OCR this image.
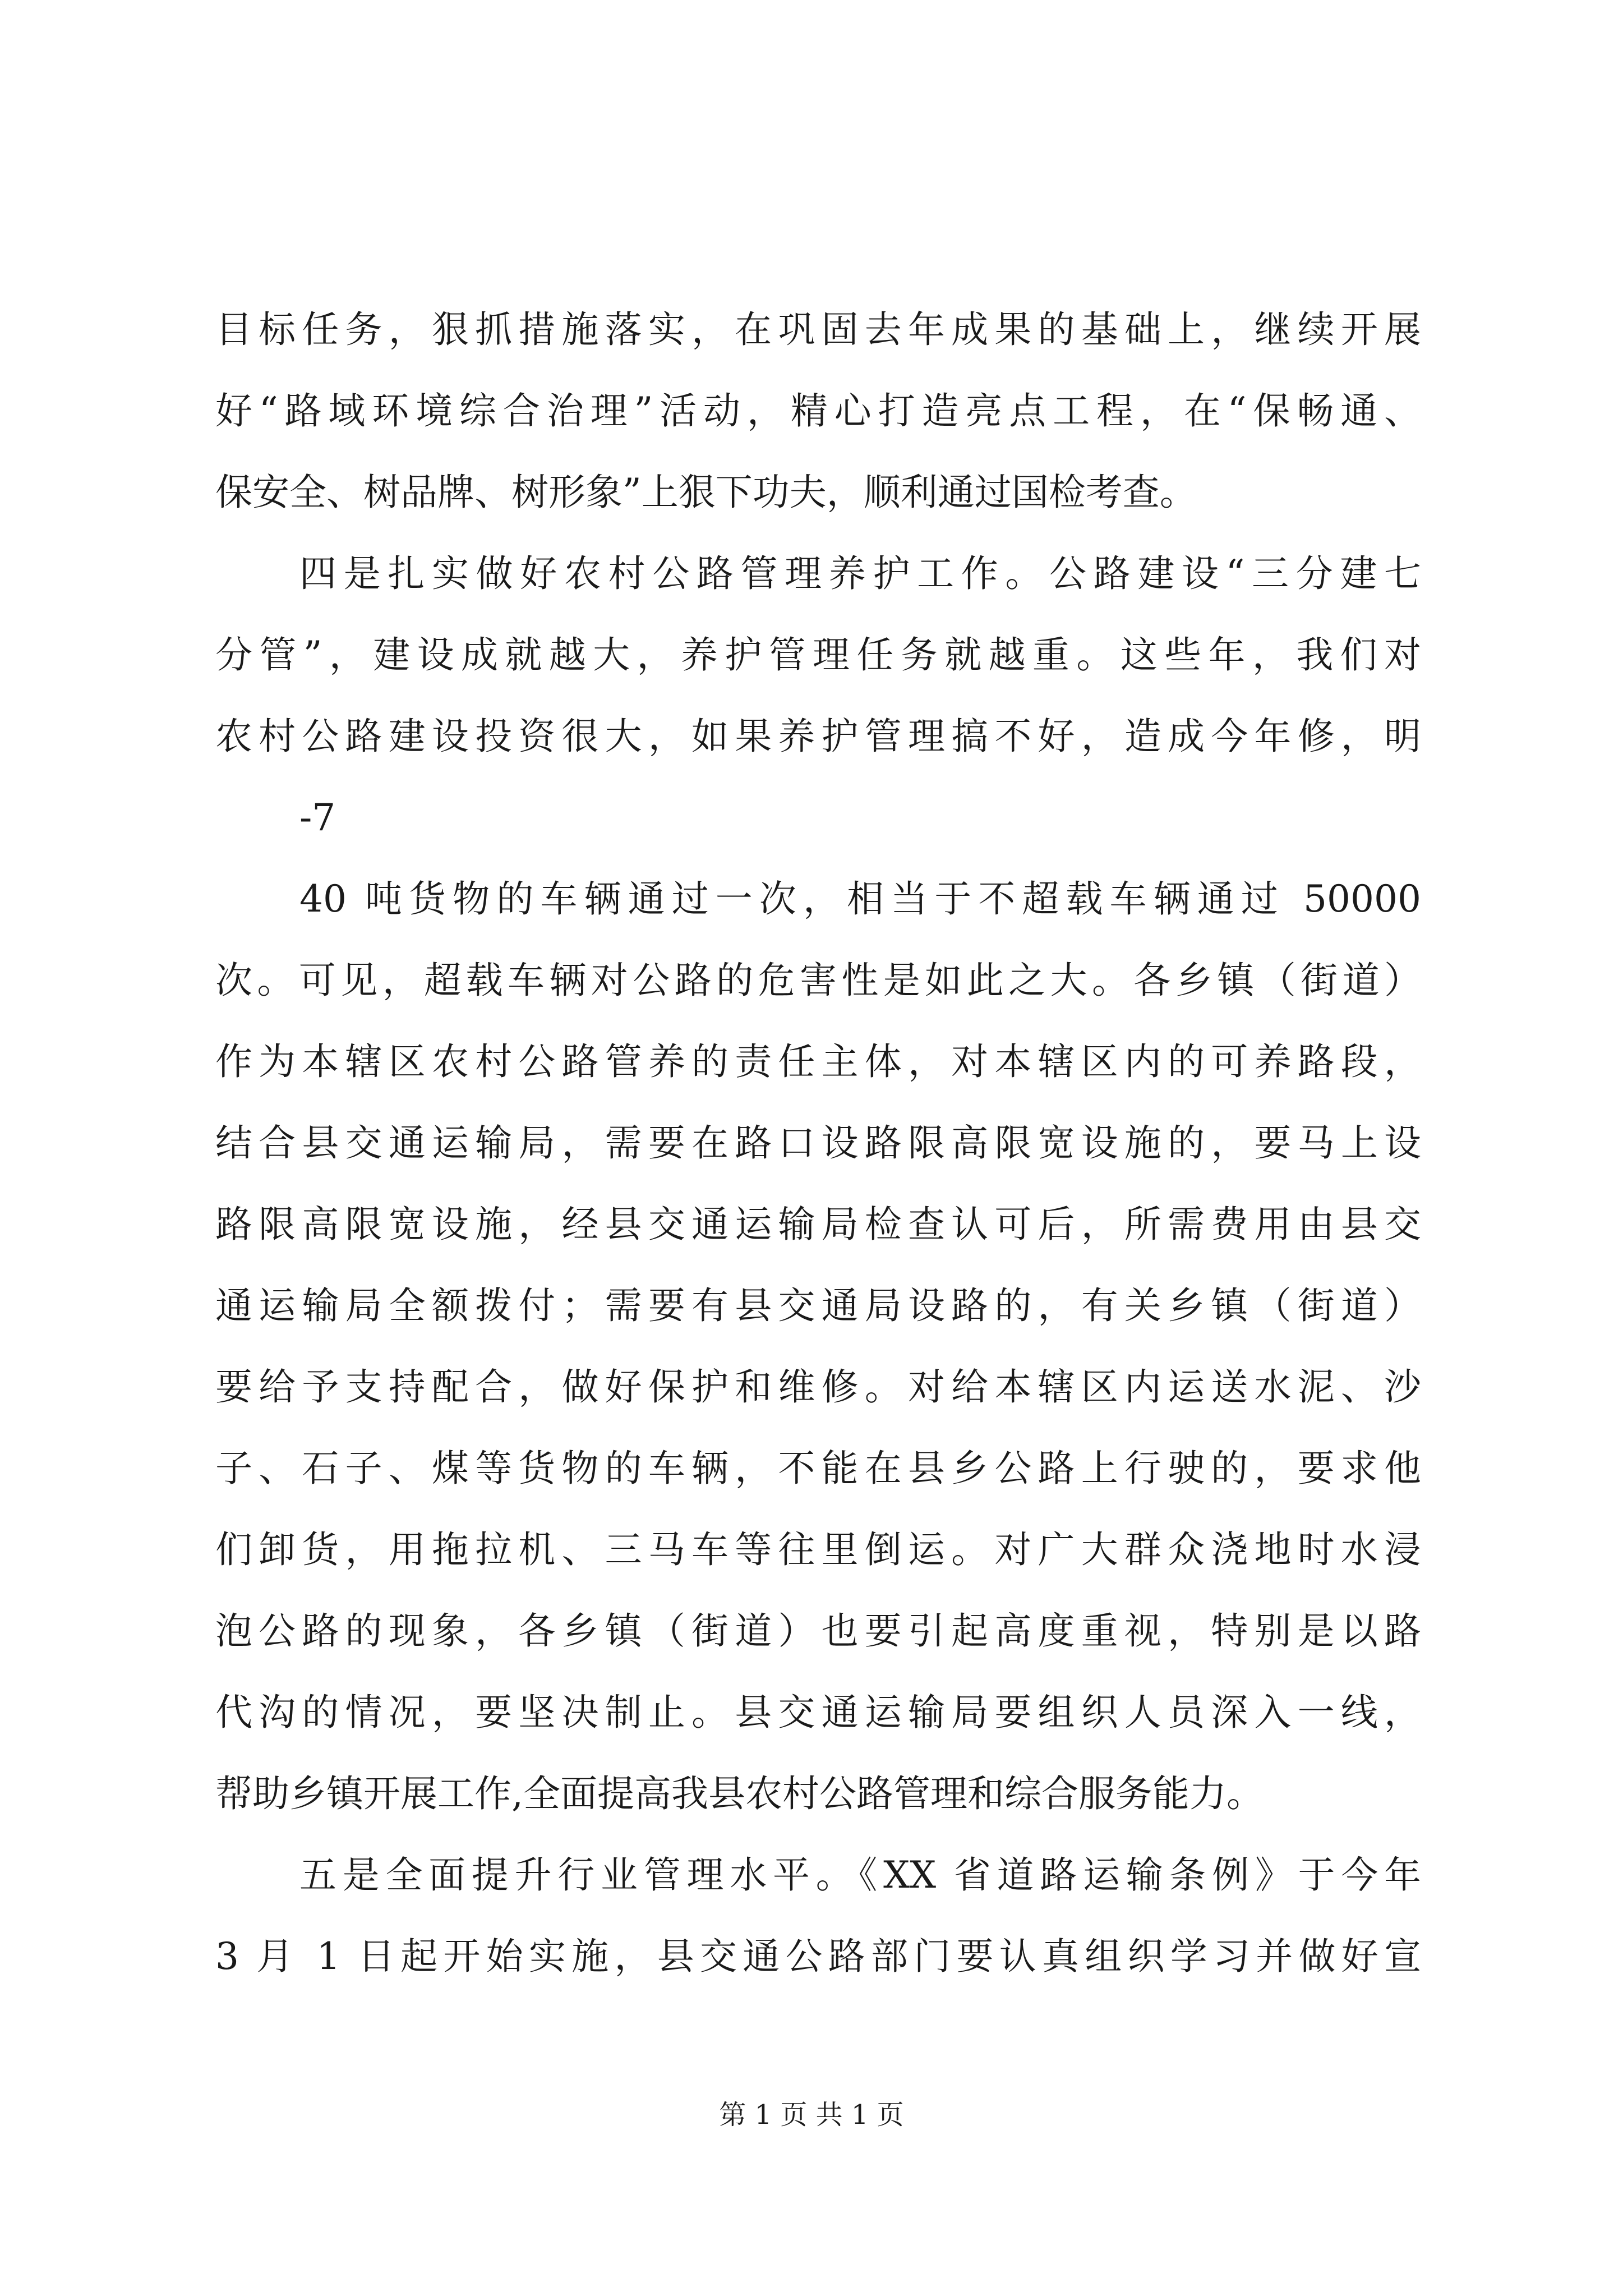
目标任务，狠抓措施落实，在巩固去年成果的基础上，继续开展
好“路域环境综合治理”活动，精心打造亮点工程，在“保畅通、
保安全、树品牌、树形象”上狠下功夫，顺利通过国检考查。
四是扎实做好农村公路管理养护工作。公路建设“三分建七
分管”，建设成就越大，养护管理任务就越重。这些年，我们对
农村公路建设投资很大，如果养护管理搞不好，造成今年修，明
-7
40 吨货物的车辆通过一次，相当于不超载车辆通过 50000
次。可见，超载车辆对公路的危害性是如此之大。各乡镇（街道）
作为本辖区农村公路管养的责任主体，对本辖区内的可养路段，
结合县交通运输局，需要在路口设路限高限宽设施的，要马上设
路限高限宽设施，经县交通运输局检查认可后，所需费用由县交
通运输局全额拨付；需要有县交通局设路的，有关乡镇（街道）
要给予支持配合，做好保护和维修。对给本辖区内运送水泥、沙
子、石子、煤等货物的车辆，不能在县乡公路上行驶的，要求他
们卸货，用拖拉机、三马车等往里倒运。对广大群众浇地时水浸
泡公路的现象，各乡镇（街道）也要引起高度重视，特别是以路
代沟的情况，要坚决制止。县交通运输局要组织人员深入一线，
帮助乡镇开展工作,全面提高我县农村公路管理和综合服务能力。
五是全面提升行业管理水平。《XX 省道路运输条例》于今年
3 月 1 日起开始实施，县交通公路部门要认真组织学习并做好宣
第 1 页 共 1 页
